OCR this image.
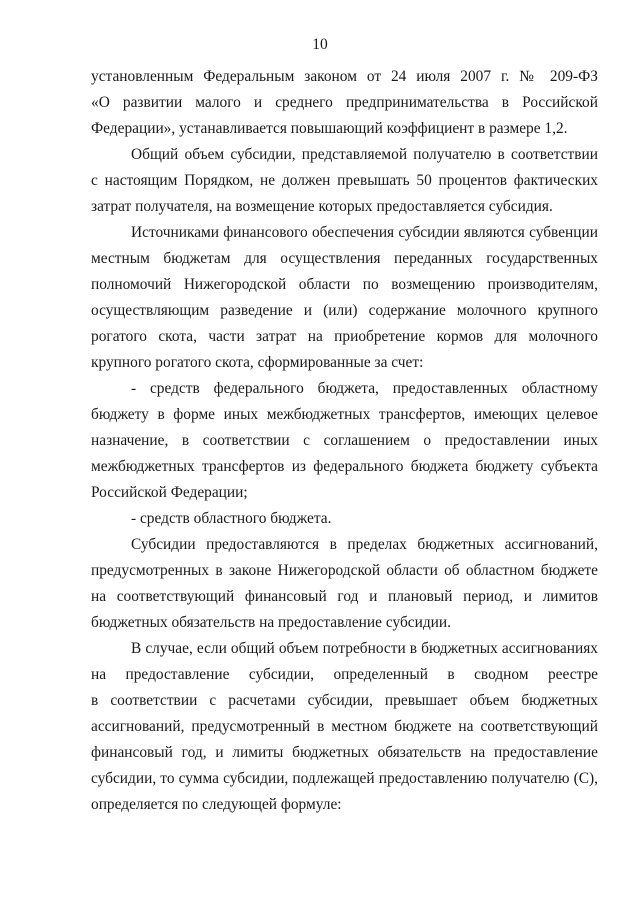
10
установленным Федеральным законом от 24 июля 2007 г. № 209-ФЗ
«О развитии малого и среднего предпринимательства в Российской
Федерации», устанавливается повышающий коэффициент в размере 1,2.
Общий объем субсидии, представляемой получателю в соответствии
с настоящим Порядком, не должен превышать 50 процентов фактических
затрат получателя, на возмещение которых предоставляется субсидия.
Источниками финансового обеспечения субсидии являются субвенции
местным бюджетам для осуществления переданных государственных
полномочий Нижегородской области по возмещению производителям,
осуществляющим разведение и (или) содержание молочного крупного
рогатого скота, части затрат на приобретение кормов для молочного
крупного рогатого скота, сформированные за счет:
- средств федерального бюджета, предоставленных областному
бюджету в форме иных межбюджетных трансфертов, имеющих целевое
назначение, в соответствии с соглашением о предоставлении иных
межбюджетных трансфертов из федерального бюджета бюджету субъекта
Российской Федерации;
- средств областного бюджета.
Субсидии предоставляются в пределах бюджетных ассигнований,
предусмотренных в законе Нижегородской области об областном бюджете
на соответствующий финансовый год и плановый период, и лимитов
бюджетных обязательств на предоставление субсидии.
В случае, если общий объем потребности в бюджетных ассигнованиях
на предоставление субсидии, определенный в сводном реестре
в соответствии с расчетами субсидии, превышает объем бюджетных
ассигнований, предусмотренный в местном бюджете на соответствующий
финансовый год, и лимиты бюджетных обязательств на предоставление
субсидии, то сумма субсидии, подлежащей предоставлению получателю (С),
определяется по следующей формуле:
